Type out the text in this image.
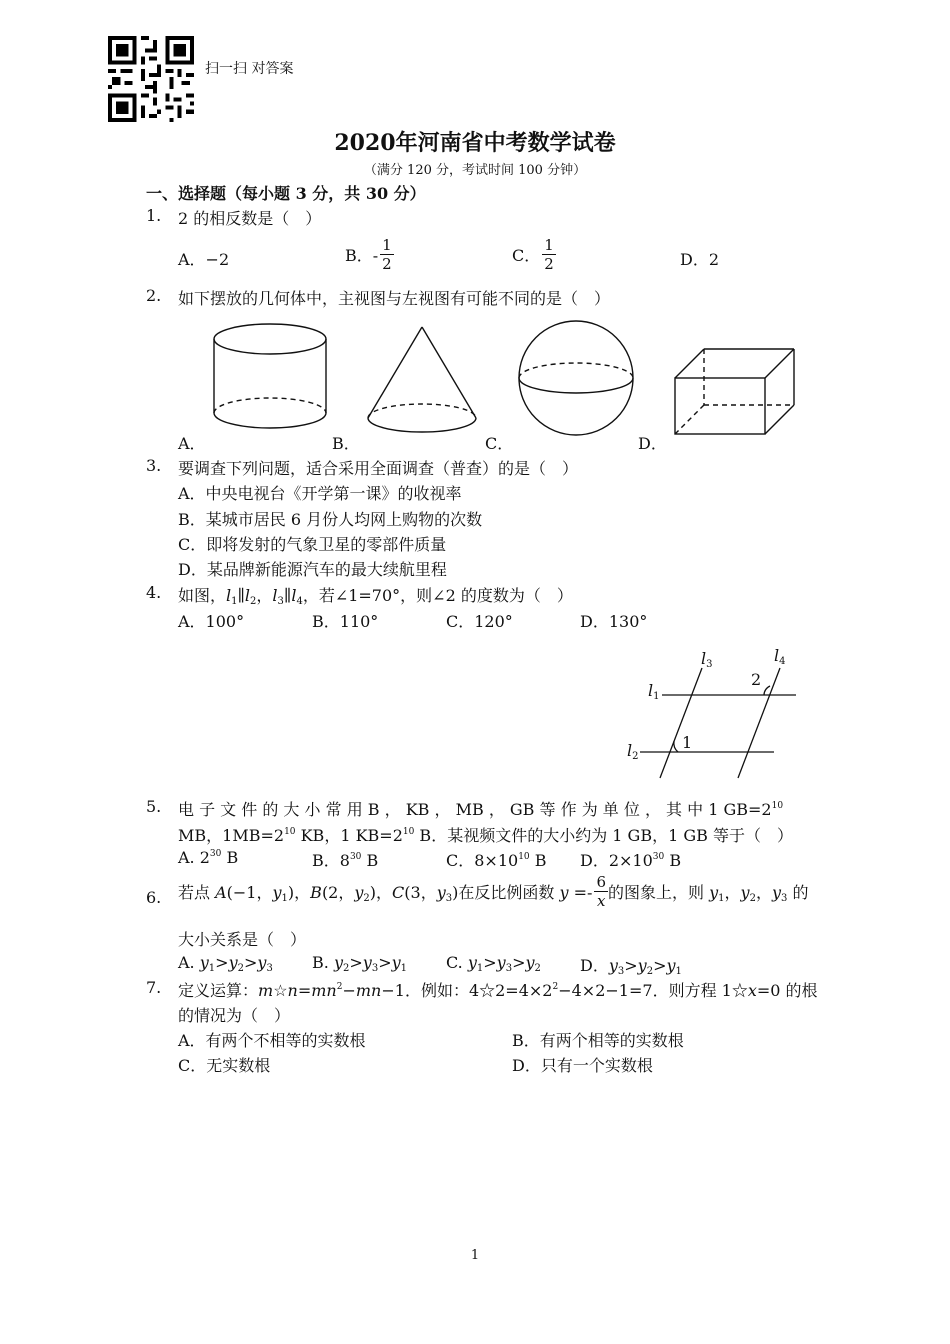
扫一扫 对答案
2020年河南省中考数学试卷
（满分 120 分，考试时间 100 分钟）
一、选择题（每小题 3 分，共 30 分）
1. 2 的相反数是（　）
A．−2	B．- $\frac{1}{2}$	C． $\frac{1}{2}$	D．2
2. 如下摆放的几何体中，主视图与左视图有可能不同的是（　）
A．	B．	C．	D．
3. 要调查下列问题，适合采用全面调查（普查）的是（　）
A．中央电视台《开学第一课》的收视率
B．某城市居民 6 月份人均网上购物的次数
C．即将发射的气象卫星的零部件质量
D．某品牌新能源汽车的最大续航里程
4. 如图，$l_1\parallel l_2$，$l_3\parallel l_4$，若∠1=70°，则∠2 的度数为（　）
A．100°	B．110°	C．120°	D．130°
l3	l4
l1
l2
1
2
5. 电 子 文 件 的 大 小 常 用 B ， KB ， MB ， GB 等 作 为 单 位 ， 其 中 1 $GB=2^{10}$
MB，$1MB=2^{10}$ KB，1 $KB=2^{10}$ B．某视频文件的大小约为 1 GB，1 GB 等于（　）
A. $2^{30}$ B	B．$8^{30}$ B	C．$8\times 10^{10}$ B D．$2\times 10^{30}$ B
6. 若点 A(−1，$y_1$)，B(2，$y_2$)，C(3，$y_3$)在反比例函数 $y =- \frac{6}{x}$ 的图象上，则 $y_1$，$y_2$，$y_3$ 的
大小关系是（　）
A. $y_1>y_2>y_3$ B. $y_2>y_3>y_1$ C. $y_1>y_3>y_2$ D．$y_3>y_2>y_1$
7. 定义运算：$m☆n=mn^2-mn-1$．例如：$4☆2=4\times 2^2-4\times 2-1=7$．则方程 1☆x=0 的根
的情况为（　）
A．有两个不相等的实数根	B．有两个相等的实数根
C．无实数根	D．只有一个实数根
1
